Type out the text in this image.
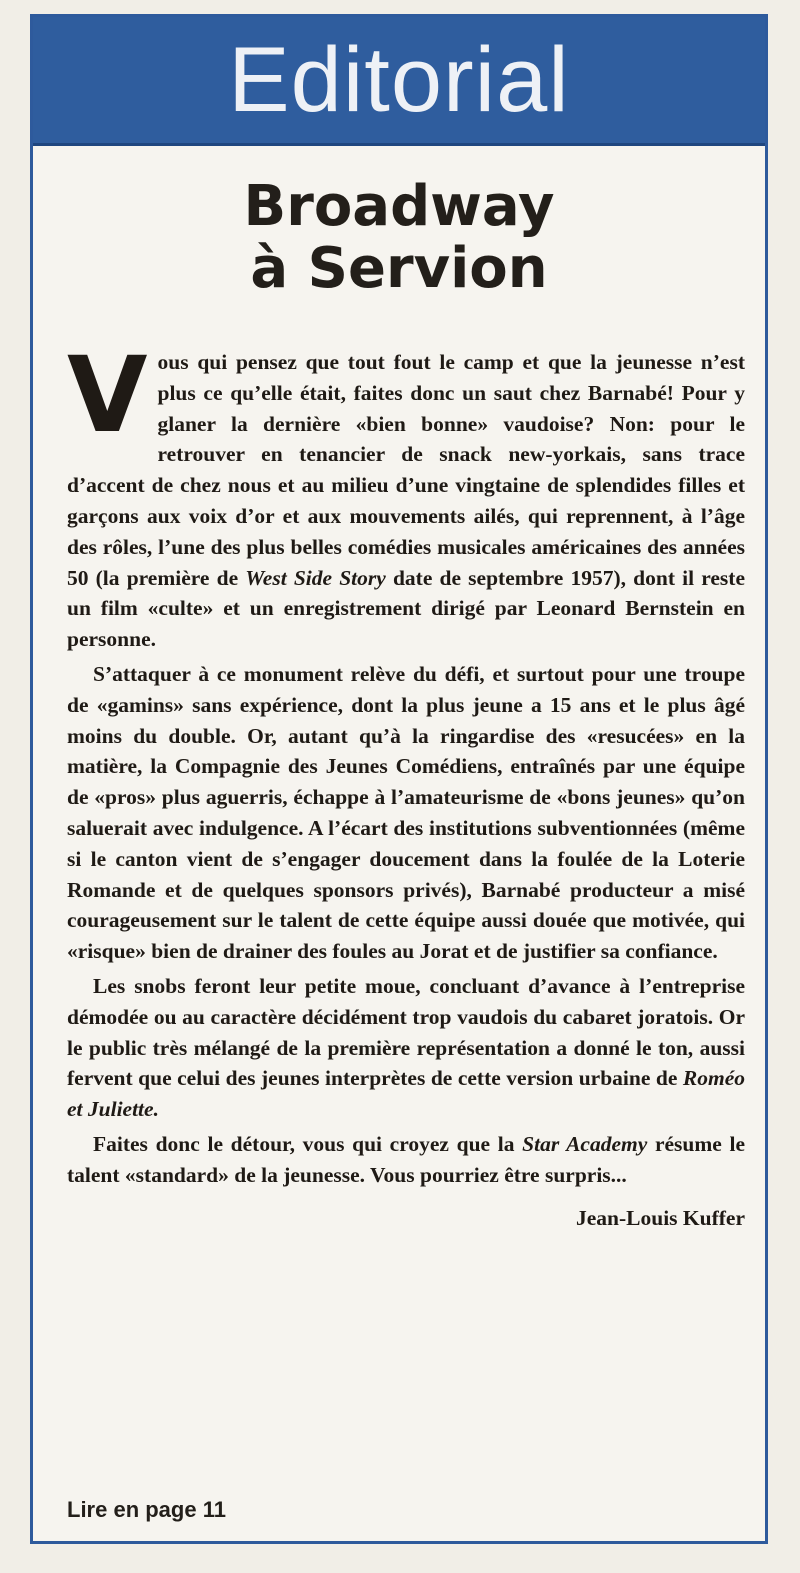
Editorial
Broadway
à Servion

Vous qui pensez que tout fout le camp et que la jeunesse n’est plus ce qu’elle était, faites donc un saut chez Barnabé! Pour y glaner la dernière «bien bonne» vaudoise? Non: pour le retrouver en tenancier de snack new-yorkais, sans trace d’accent de chez nous et au milieu d’une vingtaine de splendides filles et garçons aux voix d’or et aux mouvements ailés, qui reprennent, à l’âge des rôles, l’une des plus belles comédies musicales américaines des années 50 (la première de West Side Story date de septembre 1957), dont il reste un film «culte» et un enregistrement dirigé par Leonard Bernstein en personne.

S’attaquer à ce monument relève du défi, et surtout pour une troupe de «gamins» sans expérience, dont la plus jeune a 15 ans et le plus âgé moins du double. Or, autant qu’à la ringardise des «resucées» en la matière, la Compagnie des Jeunes Comédiens, entraînés par une équipe de «pros» plus aguerris, échappe à l’amateurisme de «bons jeunes» qu’on saluerait avec indulgence. A l’écart des institutions subventionnées (même si le canton vient de s’engager doucement dans la foulée de la Loterie Romande et de quelques sponsors privés), Barnabé producteur a misé courageusement sur le talent de cette équipe aussi douée que motivée, qui «risque» bien de drainer des foules au Jorat et de justifier sa confiance.

Les snobs feront leur petite moue, concluant d’avance à l’entreprise démodée ou au caractère décidément trop vaudois du cabaret joratois. Or le public très mélangé de la première représentation a donné le ton, aussi fervent que celui des jeunes interprètes de cette version urbaine de Roméo et Juliette.

Faites donc le détour, vous qui croyez que la Star Academy résume le talent «standard» de la jeunesse. Vous pourriez être surpris...

Jean-Louis Kuffer

Lire en page 11
